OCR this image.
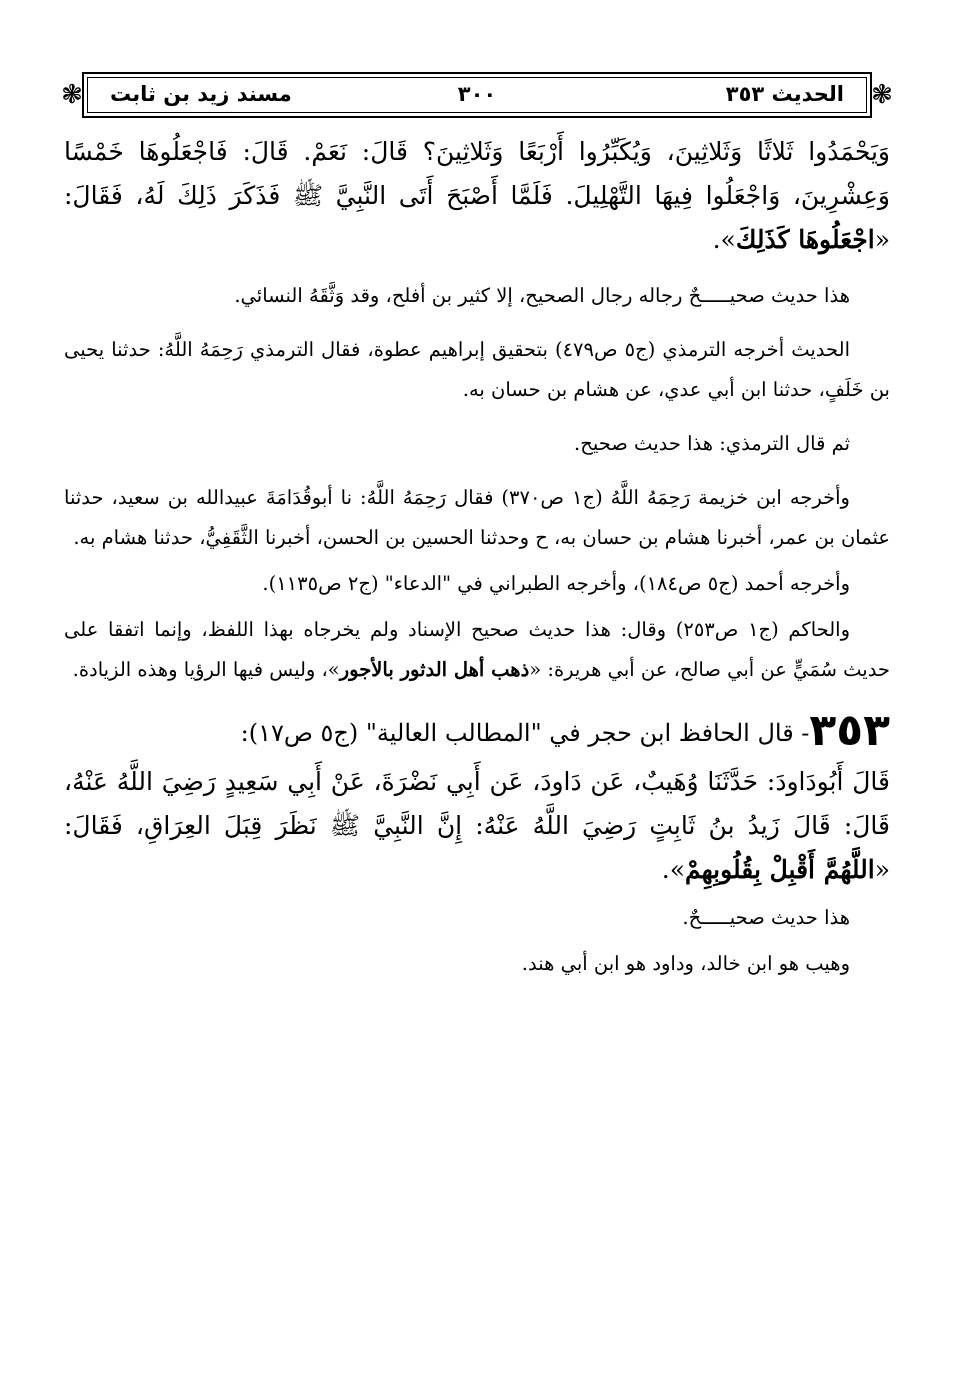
❃
❃	الحديث ٣٥٣
٣٠٠
مسند زيد بن ثابت

وَيَحْمَدُوا ثَلاثًا وَثَلاثِينَ، وَيُكَبِّرُوا أَرْبَعًا وَثَلاثِينَ؟ قَالَ: نَعَمْ. قَالَ: فَاجْعَلُوهَا خَمْسًا وَعِشْرِينَ، وَاجْعَلُوا فِيهَا التَّهْلِيلَ. فَلَمَّا أَصْبَحَ أَتَى النَّبِيَّ ﷺ فَذَكَرَ ذَلِكَ لَهُ، فَقَالَ: «اجْعَلُوهَا كَذَلِكَ».

هذا حديث صحيـــــحٌ رجاله رجال الصحيح، إلا كثير بن أفلح، وقد وَثَّقَهُ النسائي.

الحديث أخرجه الترمذي (ج٥ ص٤٧٩) بتحقيق إبراهيم عطوة، فقال الترمذي رَحِمَهُ اللَّهُ: حدثنا يحيى بن خَلَفٍ، حدثنا ابن أبي عدي، عن هشام بن حسان به.

ثم قال الترمذي: هذا حديث صحيح.

وأخرجه ابن خزيمة رَحِمَهُ اللَّهُ (ج١ ص٣٧٠) فقال رَحِمَهُ اللَّهُ: نا أبوقُدَامَةَ عبيدالله بن سعيد، حدثنا عثمان بن عمر، أخبرنا هشام بن حسان به، ح وحدثنا الحسين بن الحسن، أخبرنا الثَّقَفِيُّ، حدثنا هشام به.

وأخرجه أحمد (ج٥ ص١٨٤)، وأخرجه الطبراني في "الدعاء" (ج٢ ص١١٣٥).

والحاكم (ج١ ص٢٥٣) وقال: هذا حديث صحيح الإسناد ولم يخرجاه بهذا اللفظ، وإنما اتفقا على حديث سُمَيٍّ عن أبي صالح، عن أبي هريرة: «ذهب أهل الدثور بالأجور»، وليس فيها الرؤيا وهذه الزيادة.

٣٥٣- قال الحافظ ابن حجر في "المطالب العالية" (ج٥ ص١٧):

قَالَ أَبُودَاودَ: حَدَّثَنَا وُهَيبٌ، عَن دَاودَ، عَن أَبِي نَضْرَةَ، عَنْ أَبِي سَعِيدٍ رَضِيَ اللَّهُ عَنْهُ، قَالَ: قَالَ زَيدُ بنُ ثَابِتٍ رَضِيَ اللَّهُ عَنْهُ: إِنَّ النَّبِيَّ ﷺ نَظَرَ قِبَلَ العِرَاقِ، فَقَالَ: «اللَّهُمَّ أَقْبِلْ بِقُلُوبِهِمْ».

هذا حديث صحيـــــحٌ.

وهيب هو ابن خالد، وداود هو ابن أبي هند.
